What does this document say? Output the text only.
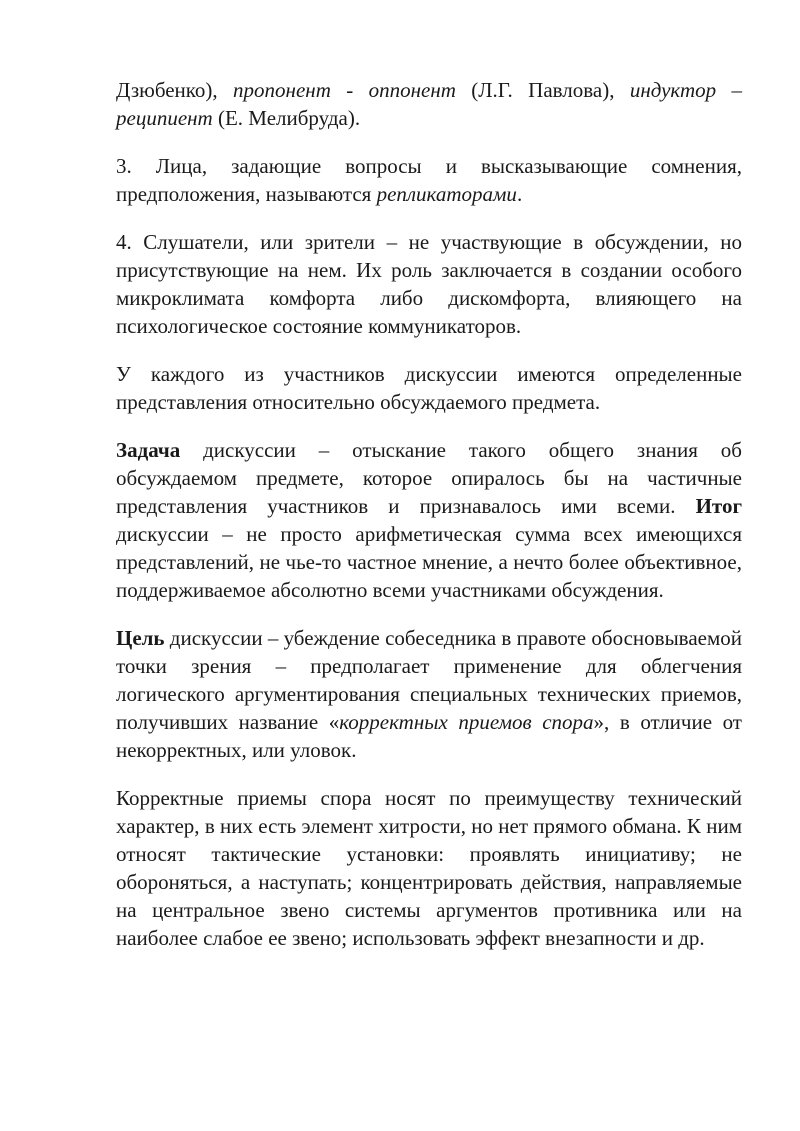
Дзюбенко), пропонент - оппонент (Л.Г. Павлова), индуктор – реципиент (Е. Мелибруда).

3. Лица, задающие вопросы и высказывающие сомнения, предположения, называются репликаторами.

4. Слушатели, или зрители – не участвующие в обсуждении, но присутствующие на нем. Их роль заключается в создании особого микроклимата комфорта либо дискомфорта, влияющего на психологическое состояние коммуникаторов.

У каждого из участников дискуссии имеются определенные представления относительно обсуждаемого предмета.

Задача дискуссии – отыскание такого общего знания об обсуждаемом предмете, которое опиралось бы на частичные представления участников и признавалось ими всеми. Итог дискуссии – не просто арифметическая сумма всех имеющихся представлений, не чье-то частное мнение, а нечто более объективное, поддерживаемое абсолютно всеми участниками обсуждения.

Цель дискуссии – убеждение собеседника в правоте обосновываемой точки зрения – предполагает применение для облегчения логического аргументирования специальных технических приемов, получивших название «корректных приемов спора», в отличие от некорректных, или уловок.

Корректные приемы спора носят по преимуществу технический характер, в них есть элемент хитрости, но нет прямого обмана. К ним относят тактические установки: проявлять инициативу; не обороняться, а наступать; концентрировать действия, направляемые на центральное звено системы аргументов противника или на наиболее слабое ее звено; использовать эффект внезапности и др.
